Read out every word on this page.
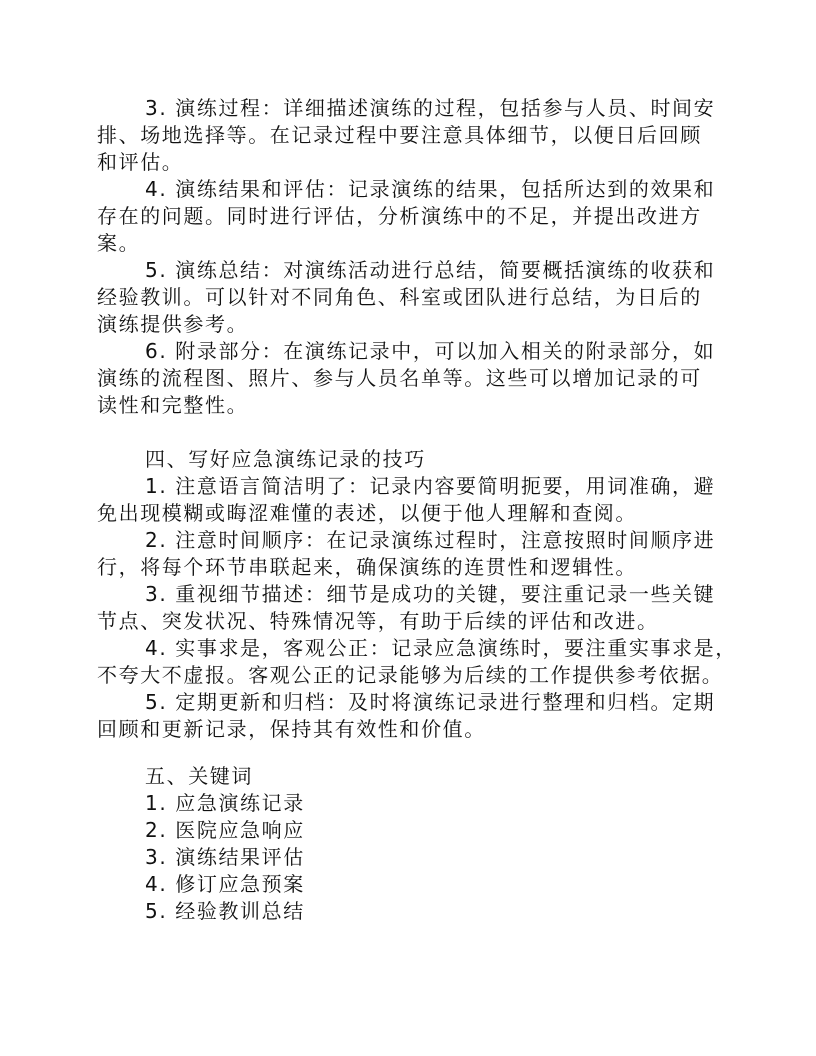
3. 演练过程：详细描述演练的过程，包括参与人员、时间安
排、场地选择等。在记录过程中要注意具体细节，以便日后回顾
和评估。
4. 演练结果和评估：记录演练的结果，包括所达到的效果和
存在的问题。同时进行评估，分析演练中的不足，并提出改进方
案。
5. 演练总结：对演练活动进行总结，简要概括演练的收获和
经验教训。可以针对不同角色、科室或团队进行总结，为日后的
演练提供参考。
6. 附录部分：在演练记录中，可以加入相关的附录部分，如
演练的流程图、照片、参与人员名单等。这些可以增加记录的可
读性和完整性。
四、写好应急演练记录的技巧
1. 注意语言简洁明了：记录内容要简明扼要，用词准确，避
免出现模糊或晦涩难懂的表述，以便于他人理解和查阅。
2. 注意时间顺序：在记录演练过程时，注意按照时间顺序进
行，将每个环节串联起来，确保演练的连贯性和逻辑性。
3. 重视细节描述：细节是成功的关键，要注重记录一些关键
节点、突发状况、特殊情况等，有助于后续的评估和改进。
4. 实事求是，客观公正：记录应急演练时，要注重实事求是，
不夸大不虚报。客观公正的记录能够为后续的工作提供参考依据。
5. 定期更新和归档：及时将演练记录进行整理和归档。定期
回顾和更新记录，保持其有效性和价值。
五、关键词
1. 应急演练记录
2. 医院应急响应
3. 演练结果评估
4. 修订应急预案
5. 经验教训总结
